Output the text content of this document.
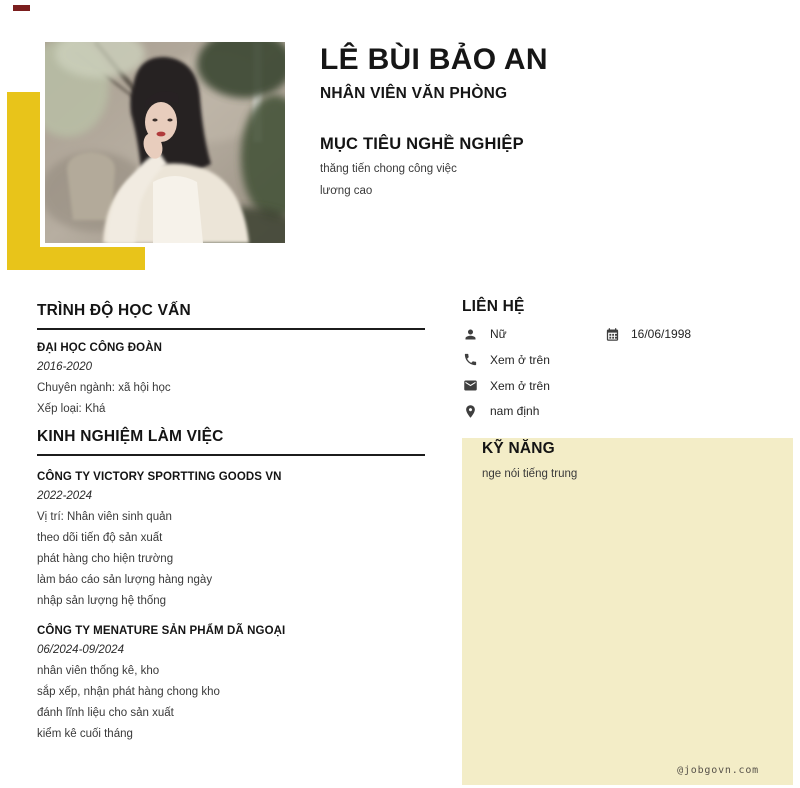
LÊ BÙI BẢO AN
NHÂN VIÊN VĂN PHÒNG
MỤC TIÊU NGHỀ NGHIỆP
thăng tiến chong công việc
lương cao
TRÌNH ĐỘ HỌC VẤN
ĐẠI HỌC CÔNG ĐOÀN
2016-2020
Chuyên ngành: xã hội học
Xếp loại: Khá
KINH NGHIỆM LÀM VIỆC
CÔNG TY VICTORY SPORTTING GOODS VN
2022-2024
Vị trí: Nhân viên sinh quản
theo dõi tiến độ sản xuất
phát hàng cho hiện trường
làm báo cáo sản lượng hàng ngày
nhập sản lượng hệ thống
CÔNG TY MENATURE SẢN PHẨM DÃ NGOẠI
06/2024-09/2024
nhân viên thống kê, kho
sắp xếp, nhận phát hàng chong kho
đánh lĩnh liệu cho sản xuất
kiểm kê cuối tháng
LIÊN HỆ
Nữ	16/06/1998
Xem ở trên
Xem ở trên
nam định
KỸ NĂNG
nge nói tiếng trung
@jobgovn.com
